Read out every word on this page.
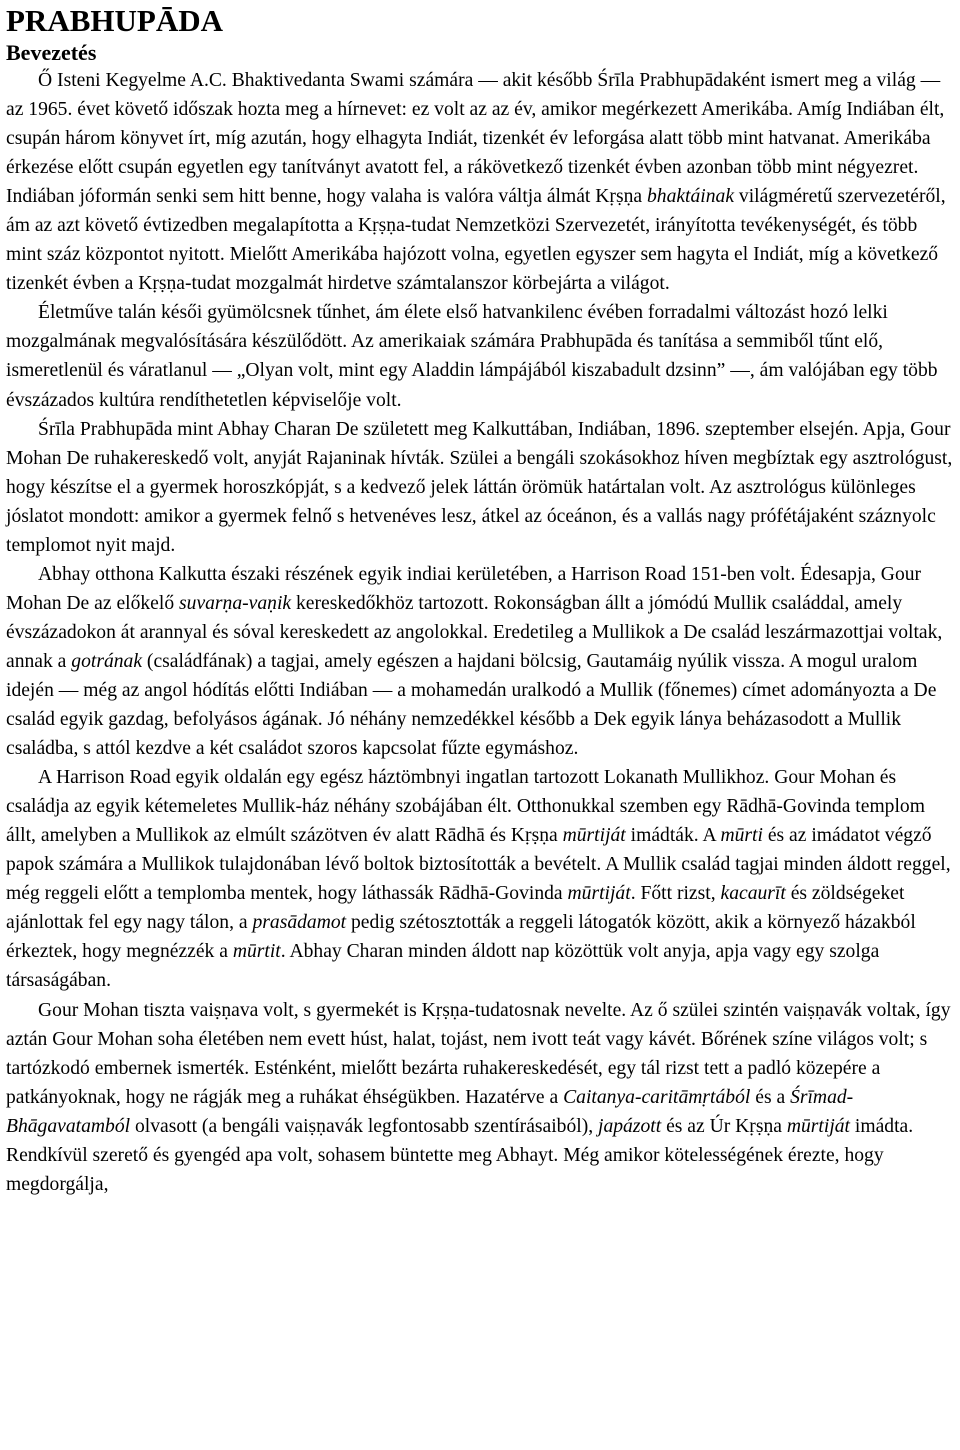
PRABHUPĀDA
Bevezetés

Ő Isteni Kegyelme A.C. Bhaktivedanta Swami számára — akit később Śrīla Prabhupādaként ismert meg a világ — az 1965. évet követő időszak hozta meg a hírnevet: ez volt az az év, amikor megérkezett Amerikába. Amíg Indiában élt, csupán három könyvet írt, míg azután, hogy elhagyta Indiát, tizenkét év leforgása alatt több mint hatvanat. Amerikába érkezése előtt csupán egyetlen egy tanítványt avatott fel, a rákövetkező tizenkét évben azonban több mint négyezret. Indiában jóformán senki sem hitt benne, hogy valaha is valóra váltja álmát Kṛṣṇa bhaktáinak világméretű szervezetéről, ám az azt követő évtizedben megalapította a Kṛṣṇa-tudat Nemzetközi Szervezetét, irányította tevékenységét, és több mint száz központot nyitott. Mielőtt Amerikába hajózott volna, egyetlen egyszer sem hagyta el Indiát, míg a következő tizenkét évben a Kṛṣṇa-tudat mozgalmát hirdetve számtalanszor körbejárta a világot.

Életműve talán késői gyümölcsnek tűnhet, ám élete első hatvankilenc évében forradalmi változást hozó lelki mozgalmának megvalósítására készülődött. Az amerikaiak számára Prabhupāda és tanítása a semmiből tűnt elő, ismeretlenül és váratlanul — „Olyan volt, mint egy Aladdin lámpájából kiszabadult dzsinn” —, ám valójában egy több évszázados kultúra rendíthetetlen képviselője volt.

Śrīla Prabhupāda mint Abhay Charan De született meg Kalkuttában, Indiában, 1896. szeptember elsején. Apja, Gour Mohan De ruhakereskedő volt, anyját Rajaninak hívták. Szülei a bengáli szokásokhoz híven megbíztak egy asztrológust, hogy készítse el a gyermek horoszkópját, s a kedvező jelek láttán örömük határtalan volt. Az asztrológus különleges jóslatot mondott: amikor a gyermek felnő s hetvenéves lesz, átkel az óceánon, és a vallás nagy prófétájaként száznyolc templomot nyit majd.

Abhay otthona Kalkutta északi részének egyik indiai kerületében, a Harrison Road 151-ben volt. Édesapja, Gour Mohan De az előkelő suvarṇa-vaṇik kereskedőkhöz tartozott. Rokonságban állt a jómódú Mullik családdal, amely évszázadokon át arannyal és sóval kereskedett az angolokkal. Eredetileg a Mullikok a De család leszármazottjai voltak, annak a gotrának (családfának) a tagjai, amely egészen a hajdani bölcsig, Gautamáig nyúlik vissza. A mogul uralom idején — még az angol hódítás előtti Indiában — a mohamedán uralkodó a Mullik (főnemes) címet adományozta a De család egyik gazdag, befolyásos ágának. Jó néhány nemzedékkel később a Dek egyik lánya beházasodott a Mullik családba, s attól kezdve a két családot szoros kapcsolat fűzte egymáshoz.

A Harrison Road egyik oldalán egy egész háztömbnyi ingatlan tartozott Lokanath Mullikhoz. Gour Mohan és családja az egyik kétemeletes Mullik-ház néhány szobájában élt. Otthonukkal szemben egy Rādhā-Govinda templom állt, amelyben a Mullikok az elmúlt százötven év alatt Rādhā és Kṛṣṇa mūrtiját imádták. A mūrti és az imádatot végző papok számára a Mullikok tulajdonában lévő boltok biztosították a bevételt. A Mullik család tagjai minden áldott reggel, még reggeli előtt a templomba mentek, hogy láthassák Rādhā-Govinda mūrtiját. Főtt rizst, kacaurīt és zöldségeket ajánlottak fel egy nagy tálon, a prasādamot pedig szétosztották a reggeli látogatók között, akik a környező házakból érkeztek, hogy megnézzék a mūrtit. Abhay Charan minden áldott nap közöttük volt anyja, apja vagy egy szolga társaságában.

Gour Mohan tiszta vaiṣṇava volt, s gyermekét is Kṛṣṇa-tudatosnak nevelte. Az ő szülei szintén vaiṣṇavák voltak, így aztán Gour Mohan soha életében nem evett húst, halat, tojást, nem ivott teát vagy kávét. Bőrének színe világos volt; s tartózkodó embernek ismerték. Esténként, mielőtt bezárta ruhakereskedését, egy tál rizst tett a padló közepére a patkányoknak, hogy ne rágják meg a ruhákat éhségükben. Hazatérve a Caitanya-caritāmṛtából és a Śrīmad-Bhāgavatamból olvasott (a bengáli vaiṣṇavák legfontosabb szentírásaiból), japázott és az Úr Kṛṣṇa mūrtiját imádta. Rendkívül szerető és gyengéd apa volt, sohasem büntette meg Abhayt. Még amikor kötelességének érezte, hogy megdorgálja,
